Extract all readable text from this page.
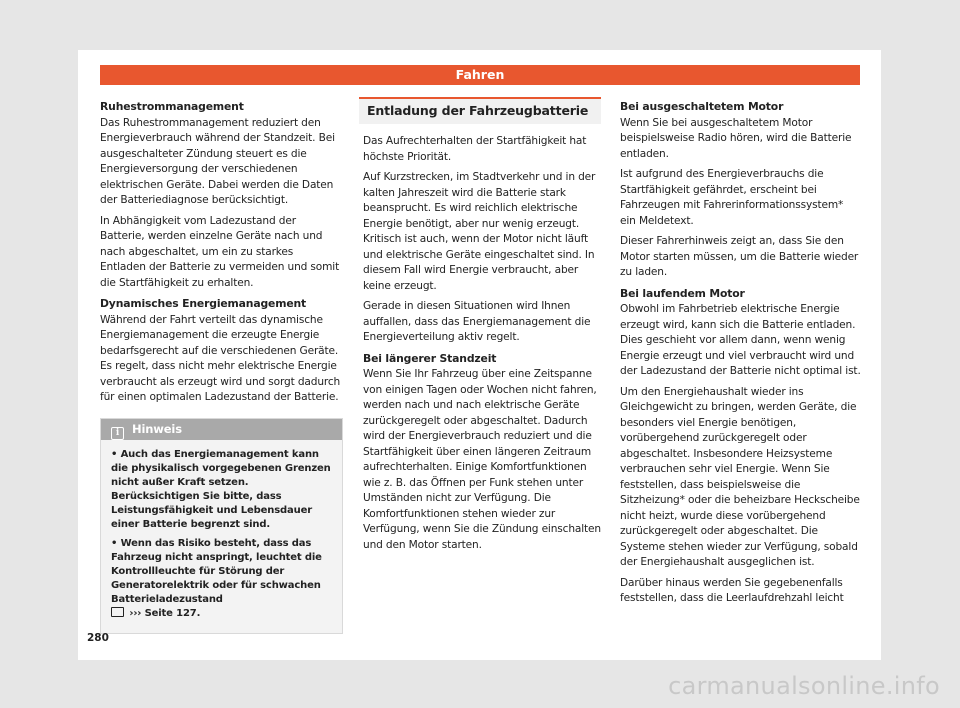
Fahren
Ruhestrommanagement

Das Ruhestrommanagement reduziert den Energieverbrauch während der Standzeit. Bei ausgeschalteter Zündung steuert es die Energieversorgung der verschiedenen elektrischen Geräte. Dabei werden die Daten der Batteriediagnose berücksichtigt.

In Abhängigkeit vom Ladezustand der Batterie, werden einzelne Geräte nach und nach abgeschaltet, um ein zu starkes Entladen der Batterie zu vermeiden und somit die Startfähigkeit zu erhalten.

Dynamisches Energiemanagement

Während der Fahrt verteilt das dynamische Energiemanagement die erzeugte Energie bedarfsgerecht auf die verschiedenen Geräte. Es regelt, dass nicht mehr elektrische Energie verbraucht als erzeugt wird und sorgt dadurch für einen optimalen Ladezustand der Batterie.

i Hinweis
• Auch das Energiemanagement kann die physikalisch vorgegebenen Grenzen nicht außer Kraft setzen. Berücksichtigen Sie bitte, dass Leistungsfähigkeit und Lebensdauer einer Batterie begrenzt sind.
• Wenn das Risiko besteht, dass das Fahrzeug nicht anspringt, leuchtet die Kontrollleuchte für Störung der Generatorelektrik oder für schwachen Batterieladezustand
››› Seite 127.
Entladung der Fahrzeugbatterie

Das Aufrechterhalten der Startfähigkeit hat höchste Priorität.

Auf Kurzstrecken, im Stadtverkehr und in der kalten Jahreszeit wird die Batterie stark beansprucht. Es wird reichlich elektrische Energie benötigt, aber nur wenig erzeugt. Kritisch ist auch, wenn der Motor nicht läuft und elektrische Geräte eingeschaltet sind. In diesem Fall wird Energie verbraucht, aber keine erzeugt.

Gerade in diesen Situationen wird Ihnen auffallen, dass das Energiemanagement die Energieverteilung aktiv regelt.

Bei längerer Standzeit

Wenn Sie Ihr Fahrzeug über eine Zeitspanne von einigen Tagen oder Wochen nicht fahren, werden nach und nach elektrische Geräte zurückgeregelt oder abgeschaltet. Dadurch wird der Energieverbrauch reduziert und die Startfähigkeit über einen längeren Zeitraum aufrechterhalten. Einige Komfortfunktionen wie z. B. das Öffnen per Funk stehen unter Umständen nicht zur Verfügung. Die Komfortfunktionen stehen wieder zur Verfügung, wenn Sie die Zündung einschalten und den Motor starten.

Bei ausgeschaltetem Motor

Wenn Sie bei ausgeschaltetem Motor beispielsweise Radio hören, wird die Batterie entladen.

Ist aufgrund des Energieverbrauchs die Startfähigkeit gefährdet, erscheint bei Fahrzeugen mit Fahrerinformationssystem* ein Meldetext.

Dieser Fahrerhinweis zeigt an, dass Sie den Motor starten müssen, um die Batterie wieder zu laden.

Bei laufendem Motor

Obwohl im Fahrbetrieb elektrische Energie erzeugt wird, kann sich die Batterie entladen. Dies geschieht vor allem dann, wenn wenig Energie erzeugt und viel verbraucht wird und der Ladezustand der Batterie nicht optimal ist.

Um den Energiehaushalt wieder ins Gleichgewicht zu bringen, werden Geräte, die besonders viel Energie benötigen, vorübergehend zurückgeregelt oder abgeschaltet. Insbesondere Heizsysteme verbrauchen sehr viel Energie. Wenn Sie feststellen, dass beispielsweise die Sitzheizung* oder die beheizbare Heckscheibe nicht heizt, wurde diese vorübergehend zurückgeregelt oder abgeschaltet. Die Systeme stehen wieder zur Verfügung, sobald der Energiehaushalt ausgeglichen ist.

Darüber hinaus werden Sie gegebenenfalls feststellen, dass die Leerlaufdrehzahl leicht

280
carmanualsonline.info
